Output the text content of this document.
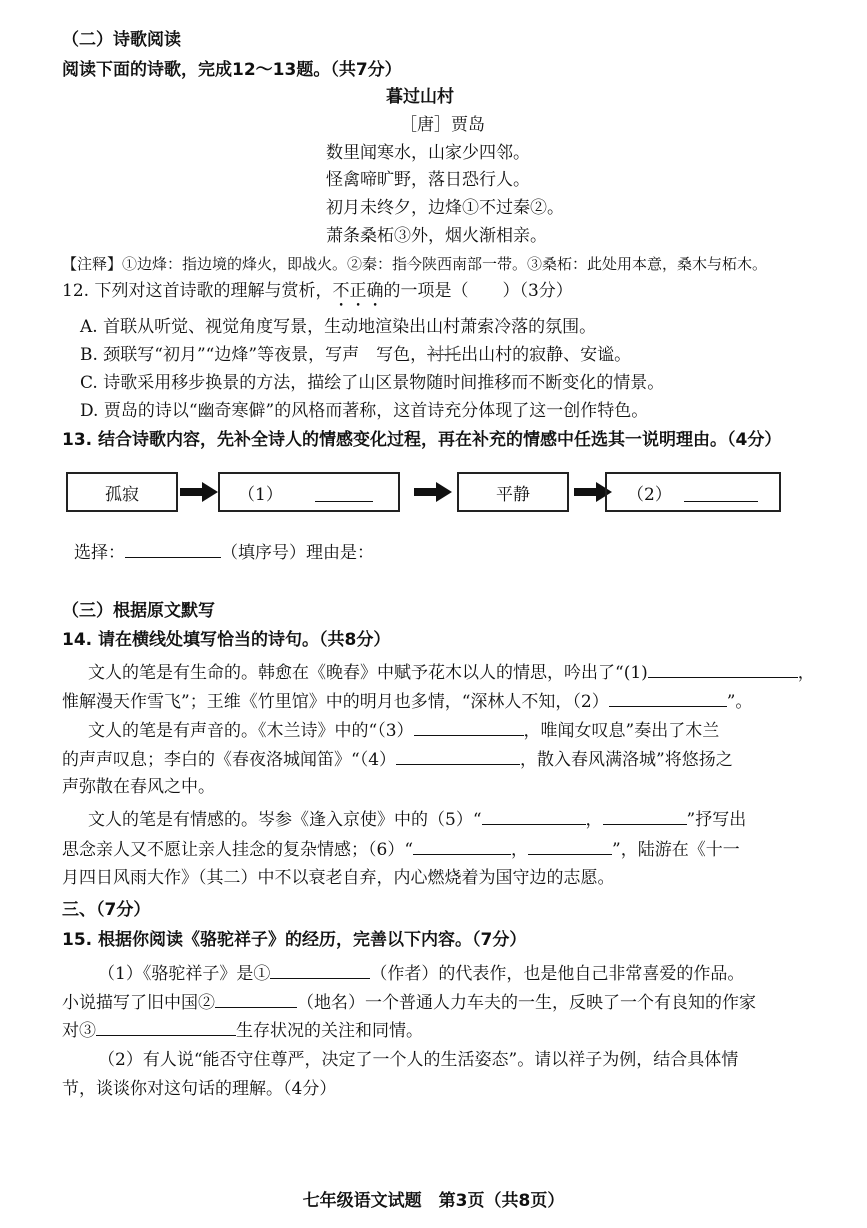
（二）诗歌阅读
阅读下面的诗歌，完成12～13题。（共7分）
暮过山村
［唐］贾岛
数里闻寒水，山家少四邻。
怪禽啼旷野，落日恐行人。
初月未终夕，边烽①不过秦②。
萧条桑柘③外，烟火渐相亲。
【注释】①边烽：指边境的烽火，即战火。②秦：指今陕西南部一带。③桑柘：此处用本意，桑木与柘木。
12. 下列对这首诗歌的理解与赏析，不正确的一项是（　　）（3分）
A. 首联从听觉、视觉角度写景，生动地渲染出山村萧索冷落的氛围。
B. 颈联写“初月”“边烽”等夜景，写声　写色，衬托出山村的寂静、安谧。
C. 诗歌采用移步换景的方法，描绘了山区景物随时间推移而不断变化的情景。
D. 贾岛的诗以“幽奇寒僻”的风格而著称，这首诗充分体现了这一创作特色。
13. 结合诗歌内容，先补全诗人的情感变化过程，再在补充的情感中任选其一说明理由。（4分）
孤寂	（1）	平静	（2）
选择：	（填序号）理由是：
（三）根据原文默写
14. 请在横线处填写恰当的诗句。（共8分）
文人的笔是有生命的。韩愈在《晚春》中赋予花木以人的情思，吟出了“(1)	，
惟解漫天作雪飞”；王维《竹里馆》中的明月也多情，“深林人不知，（2）	”。
文人的笔是有声音的。《木兰诗》中的“（3）	，唯闻女叹息”奏出了木兰
的声声叹息；李白的《春夜洛城闻笛》“（4）	，散入春风满洛城”将悠扬之
声弥散在春风之中。
文人的笔是有情感的。岑参《逢入京使》中的（5）“	，	”抒写出
思念亲人又不愿让亲人挂念的复杂情感；（6）“	，	”，陆游在《十一
月四日风雨大作》（其二）中不以衰老自弃，内心燃烧着为国守边的志愿。
三、（7分）
15. 根据你阅读《骆驼祥子》的经历，完善以下内容。（7分）
（1）《骆驼祥子》是①	（作者）的代表作，也是他自己非常喜爱的作品。
小说描写了旧中国②	（地名）一个普通人力车夫的一生，反映了一个有良知的作家
对③	生存状况的关注和同情。
（2）有人说“能否守住尊严，决定了一个人的生活姿态”。请以祥子为例，结合具体情
节，谈谈你对这句话的理解。（4分）
七年级语文试题　第3页（共8页）
